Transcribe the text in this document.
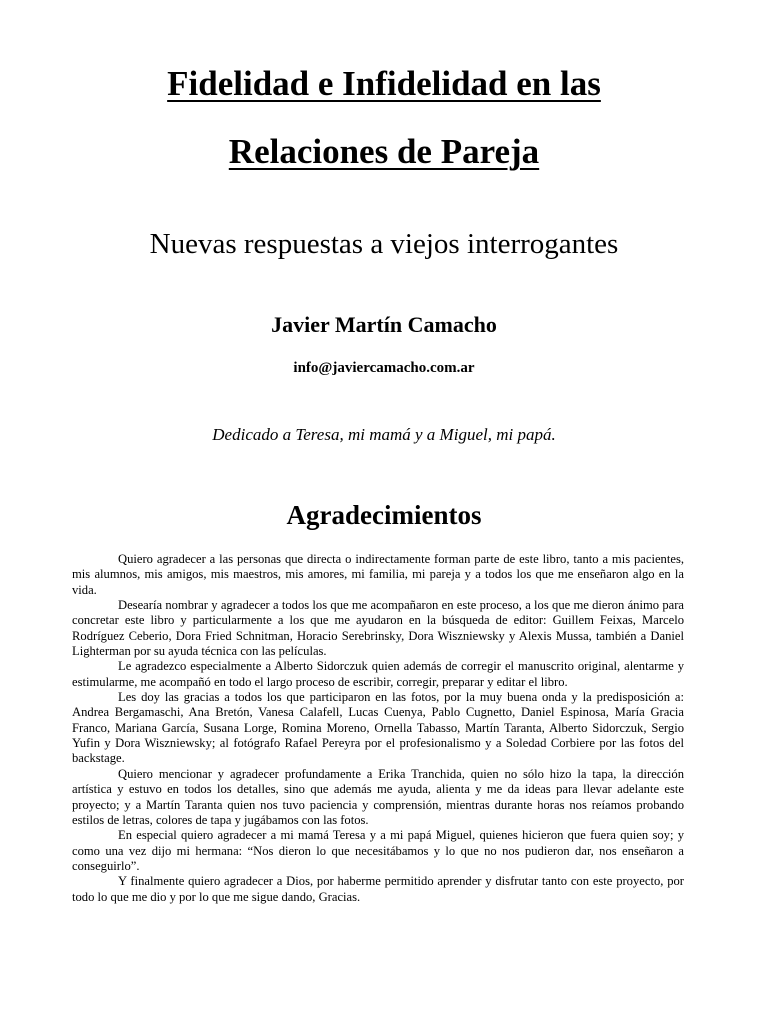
Fidelidad e Infidelidad en las
Relaciones de Pareja
Nuevas respuestas a viejos interrogantes
Javier Martín Camacho
info@javiercamacho.com.ar
Dedicado a Teresa, mi mamá y a Miguel, mi papá.
Agradecimientos

Quiero agradecer a las personas que directa o indirectamente forman parte de este libro, tanto a mis pacientes, mis alumnos, mis amigos, mis maestros, mis amores, mi familia, mi pareja y a todos los que me enseñaron algo en la vida.

Desearía nombrar y agradecer a todos los que me acompañaron en este proceso, a los que me dieron ánimo para concretar este libro y particularmente a los que me ayudaron en la búsqueda de editor: Guillem Feixas, Marcelo Rodríguez Ceberio, Dora Fried Schnitman, Horacio Serebrinsky, Dora Wiszniewsky y Alexis Mussa, también a Daniel Lighterman por su ayuda técnica con las películas.

Le agradezco especialmente a Alberto Sidorczuk quien además de corregir el manuscrito original, alentarme y estimularme, me acompañó en todo el largo proceso de escribir, corregir, preparar y editar el libro.

Les doy las gracias a todos los que participaron en las fotos, por la muy buena onda y la predisposición a: Andrea Bergamaschi, Ana Bretón, Vanesa Calafell, Lucas Cuenya, Pablo Cugnetto, Daniel Espinosa, María Gracia Franco, Mariana García, Susana Lorge, Romina Moreno, Ornella Tabasso, Martín Taranta, Alberto Sidorczuk, Sergio Yufin y Dora Wiszniewsky; al fotógrafo Rafael Pereyra por el profesionalismo y a Soledad Corbiere por las fotos del backstage.

Quiero mencionar y agradecer profundamente a Erika Tranchida, quien no sólo hizo la tapa, la dirección artística y estuvo en todos los detalles, sino que además me ayuda, alienta y me da ideas para llevar adelante este proyecto; y a Martín Taranta quien nos tuvo paciencia y comprensión, mientras durante horas nos reíamos probando estilos de letras, colores de tapa y jugábamos con las fotos.

En especial quiero agradecer a mi mamá Teresa y a mi papá Miguel, quienes hicieron que fuera quien soy; y como una vez dijo mi hermana: “Nos dieron lo que necesitábamos y lo que no nos pudieron dar, nos enseñaron a conseguirlo”.

Y finalmente quiero agradecer a Dios, por haberme permitido aprender y disfrutar tanto con este proyecto, por todo lo que me dio y por lo que me sigue dando, Gracias.
